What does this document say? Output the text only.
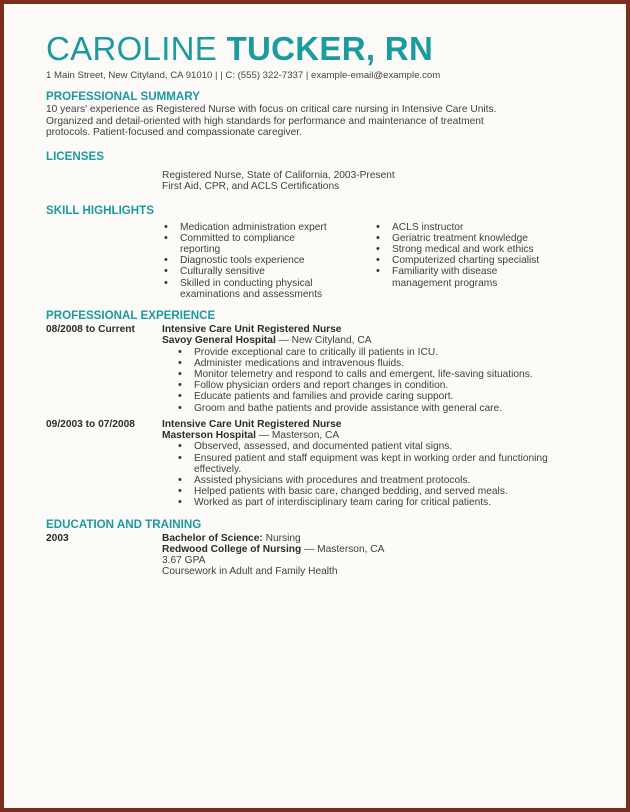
CAROLINE TUCKER, RN
1 Main Street, New Cityland, CA 91010 | | C: (555) 322-7337 | example-email@example.com
PROFESSIONAL SUMMARY
10 years' experience as Registered Nurse with focus on critical care nursing in Intensive Care Units.
Organized and detail-oriented with high standards for performance and maintenance of treatment
protocols. Patient-focused and compassionate caregiver.
LICENSES
Registered Nurse, State of California, 2003-Present
First Aid, CPR, and ACLS Certifications
SKILL HIGHLIGHTS
• Medication administration expert
• Committed to compliance reporting
• Diagnostic tools experience
• Culturally sensitive
• Skilled in conducting physical examinations and assessments
• ACLS instructor
• Geriatric treatment knowledge
• Strong medical and work ethics
• Computerized charting specialist
• Familiarity with disease management programs
PROFESSIONAL EXPERIENCE
08/2008 to Current	Intensive Care Unit Registered Nurse
Savoy General Hospital — New Cityland, CA
• Provide exceptional care to critically ill patients in ICU.
• Administer medications and intravenous fluids.
• Monitor telemetry and respond to calls and emergent, life-saving situations.
• Follow physician orders and report changes in condition.
• Educate patients and families and provide caring support.
• Groom and bathe patients and provide assistance with general care.
09/2003 to 07/2008	Intensive Care Unit Registered Nurse
Masterson Hospital — Masterson, CA
• Observed, assessed, and documented patient vital signs.
• Ensured patient and staff equipment was kept in working order and functioning effectively.
• Assisted physicians with procedures and treatment protocols.
• Helped patients with basic care, changed bedding, and served meals.
• Worked as part of interdisciplinary team caring for critical patients.
EDUCATION AND TRAINING
2003	Bachelor of Science: Nursing
Redwood College of Nursing — Masterson, CA
3.67 GPA
Coursework in Adult and Family Health
